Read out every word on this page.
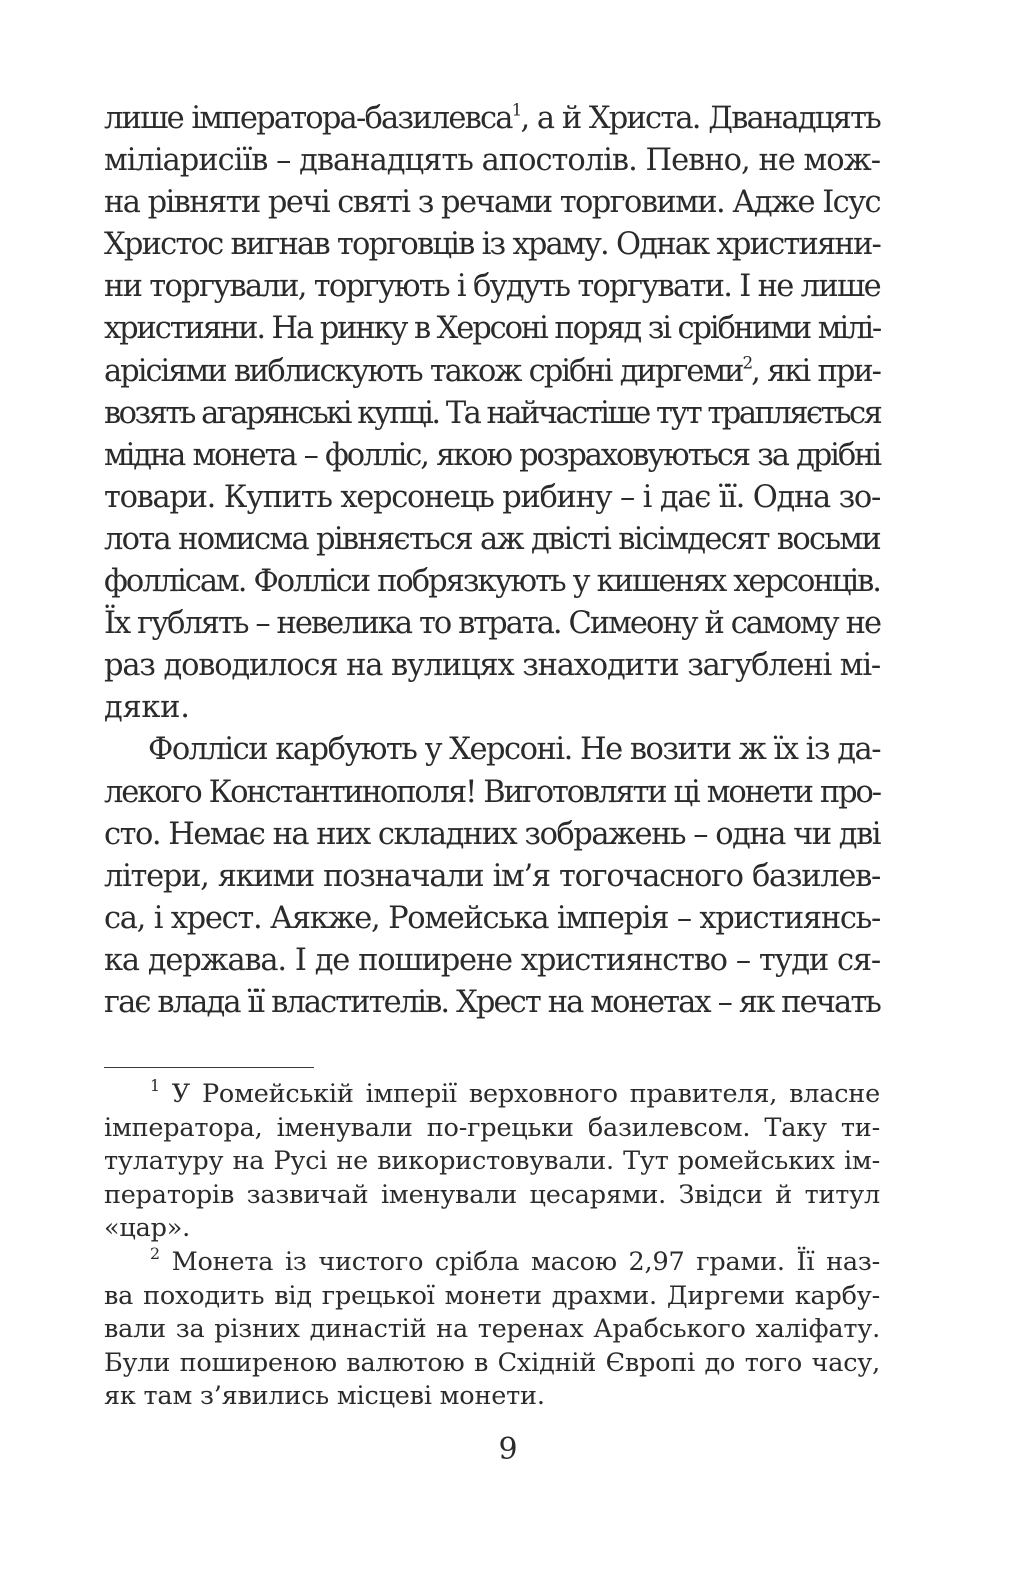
лише імператора-базилевса$^1$, а й Христа. Дванадцять
міліарисіїв – дванадцять апостолів. Певно, не мож-
на рівняти речі святі з речами торговими. Адже Ісус
Христос вигнав торговців із храму. Однак християни-
ни торгували, торгують і будуть торгувати. І не лише
християни. На ринку в Херсоні поряд зі срібними мілі-
арісіями виблискують також срібні диргеми$^2$, які при-
возять агарянські купці. Та найчастіше тут трапляється
мідна монета – фолліс, якою розраховуються за дрібні
товари. Купить херсонець рибину – і дає її. Одна зо-
лота номисма рівняється аж двісті вісімдесят восьми
фоллісам. Фолліси побрязкують у кишенях херсонців.
Їх гублять – невелика то втрата. Симеону й самому не
раз доводилося на вулицях знаходити загублені мі-
дяки.

Фолліси карбують у Херсоні. Не возити ж їх із да-
лекого Константинополя! Виготовляти ці монети про-
сто. Немає на них складних зображень – одна чи дві
літери, якими позначали ім’я тогочасного базилев-
са, і хрест. Аякже, Ромейська імперія – християнсь-
ка держава. І де поширене християнство – туди ся-
гає влада її властителів. Хрест на монетах – як печать

$^1$ У Ромейській імперії верховного правителя, власне
імператора, іменували по-грецьки базилевсом. Таку ти-
тулатуру на Русі не використовували. Тут ромейських ім-
ператорів зазвичай іменували цесарями. Звідси й титул
«цар».
$^2$ Монета із чистого срібла масою 2,97 грами. Її наз-
ва походить від грецької монети драхми. Диргеми карбу-
вали за різних династій на теренах Арабського халіфату.
Були поширеною валютою в Східній Європі до того часу,
як там з’явились місцеві монети.
9
